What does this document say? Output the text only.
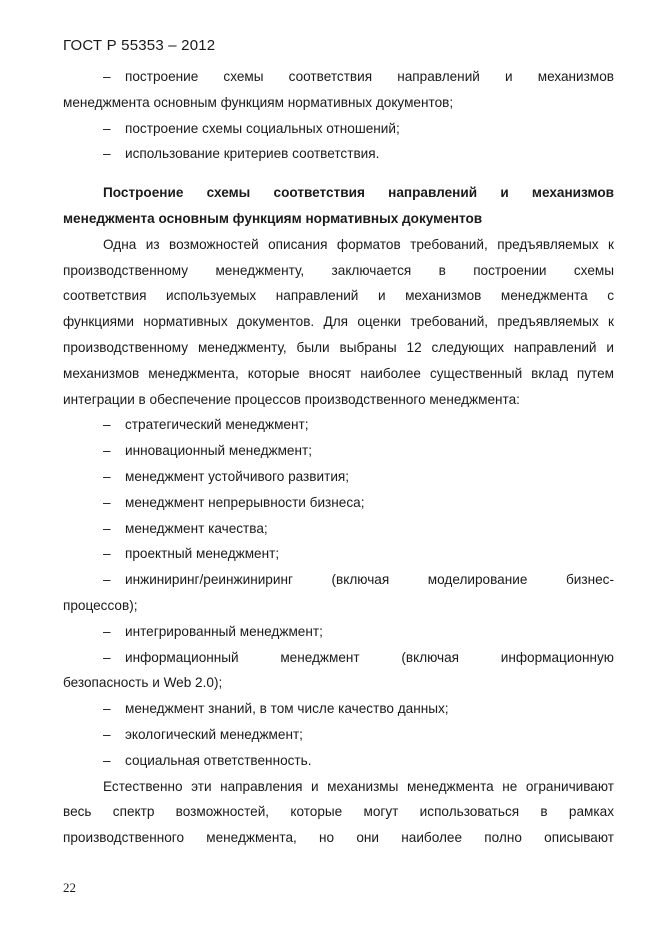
ГОСТ Р 55353 – 2012
– построение схемы соответствия направлений и механизмов
менеджмента основным функциям нормативных документов;
– построение схемы социальных отношений;
– использование критериев соответствия.
Построение схемы соответствия направлений и механизмов
менеджмента основным функциям нормативных документов
Одна из возможностей описания форматов требований, предъявляемых к
производственному менеджменту, заключается в построении схемы
соответствия используемых направлений и механизмов менеджмента с
функциями нормативных документов. Для оценки требований, предъявляемых к
производственному менеджменту, были выбраны 12 следующих направлений и
механизмов менеджмента, которые вносят наиболее существенный вклад путем
интеграции в обеспечение процессов производственного менеджмента:
– стратегический менеджмент;
– инновационный менеджмент;
– менеджмент устойчивого развития;
– менеджмент непрерывности бизнеса;
– менеджмент качества;
– проектный менеджмент;
– инжиниринг/реинжиниринг (включая моделирование бизнес-
процессов);
– интегрированный менеджмент;
– информационный менеджмент (включая информационную
безопасность и Web 2.0);
– менеджмент знаний, в том числе качество данных;
– экологический менеджмент;
– социальная ответственность.
Естественно эти направления и механизмы менеджмента не ограничивают
весь спектр возможностей, которые могут использоваться в рамках
производственного менеджмента, но они наиболее полно описывают
22
